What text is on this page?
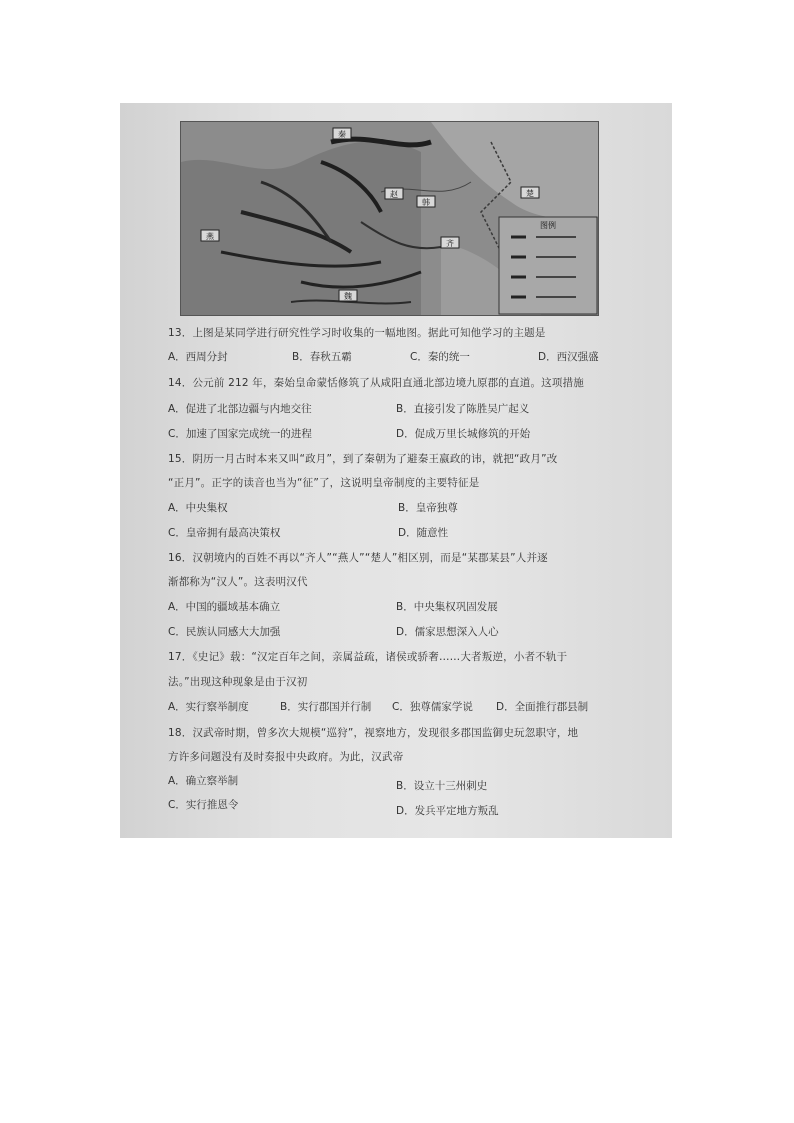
秦
韩
赵
燕
魏
楚
齐
图例
13．上图是某同学进行研究性学习时收集的一幅地图。据此可知他学习的主题是
A．西周分封	B．春秋五霸	C．秦的统一	D．西汉强盛
14．公元前 212 年，秦始皇命蒙恬修筑了从咸阳直通北部边境九原郡的直道。这项措施
A．促进了北部边疆与内地交往	B．直接引发了陈胜吴广起义
C．加速了国家完成统一的进程	D．促成万里长城修筑的开始
15．阴历一月古时本来又叫“政月”，到了秦朝为了避秦王嬴政的讳，就把“政月”改
“正月”。正字的读音也当为“征”了，这说明皇帝制度的主要特征是
A．中央集权	B．皇帝独尊
C．皇帝拥有最高决策权	D．随意性
16．汉朝境内的百姓不再以“齐人”“燕人”“楚人”相区别，而是“某郡某县”人并逐
渐都称为“汉人”。这表明汉代
A．中国的疆域基本确立	B．中央集权巩固发展
C．民族认同感大大加强	D．儒家思想深入人心
17．《史记》载：“汉定百年之间，亲属益疏，诸侯或骄奢……大者叛逆，小者不轨于
法。”出现这种现象是由于汉初
A．实行察举制度	B．实行郡国并行制 C．独尊儒家学说 D．全面推行郡县制
18．汉武帝时期，曾多次大规模“巡狩”，视察地方，发现很多郡国监御史玩忽职守，地
方许多问题没有及时奏报中央政府。为此，汉武帝
A．确立察举制	B．设立十三州刺史
C．实行推恩令	D．发兵平定地方叛乱
